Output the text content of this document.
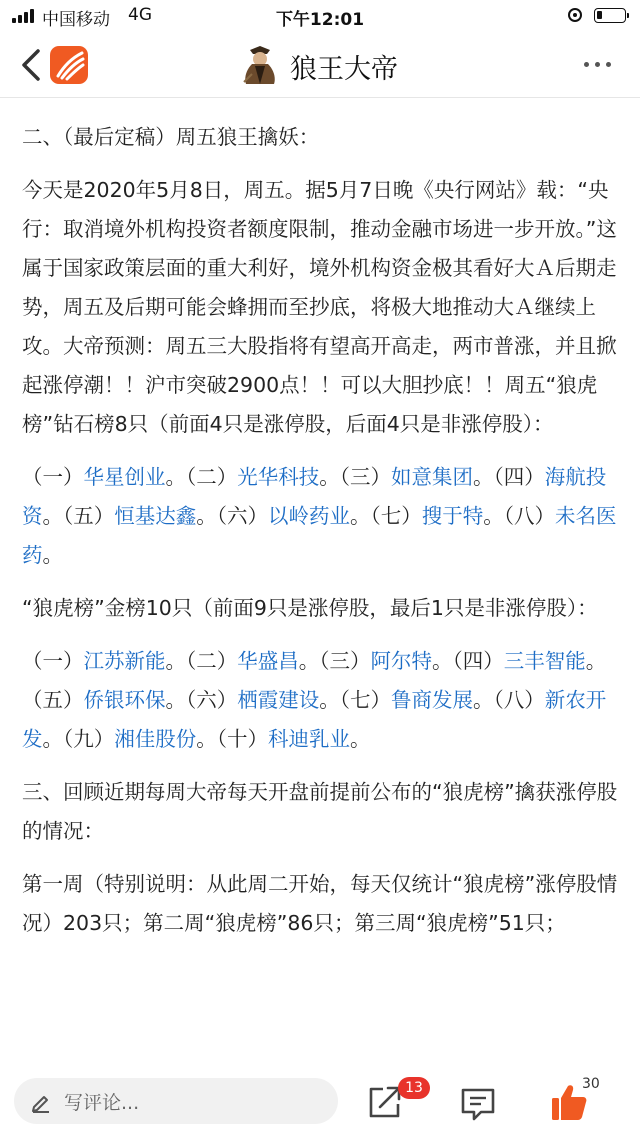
中国移动 4G	下午12:01
狼王大帝

二、（最后定稿）周五狼王擒妖：

今天是2020年5月8日，周五。据5月7日晚《央行网站》载：“央行：取消境外机构投资者额度限制，推动金融市场进一步开放。”这属于国家政策层面的重大利好，境外机构资金极其看好大Ａ后期走势，周五及后期可能会蜂拥而至抄底，将极大地推动大Ａ继续上攻。大帝预测：周五三大股指将有望高开高走，两市普涨，并且掀起涨停潮！！沪市突破2900点！！可以大胆抄底！！周五“狼虎榜”钻石榜8只（前面4只是涨停股，后面4只是非涨停股）：

（一）华星创业。（二）光华科技。（三）如意集团。（四）海航投资。（五）恒基达鑫。（六）以岭药业。（七）搜于特。（八）未名医药。

“狼虎榜”金榜10只（前面9只是涨停股，最后1只是非涨停股）：

（一）江苏新能。（二）华盛昌。（三）阿尔特。（四）三丰智能。（五）侨银环保。（六）栖霞建设。（七）鲁商发展。（八）新农开发。（九）湘佳股份。（十）科迪乳业。

三、回顾近期每周大帝每天开盘前提前公布的“狼虎榜”擒获涨停股的情况：

第一周（特别说明：从此周二开始，每天仅统计“狼虎榜”涨停股情况）203只；第二周“狼虎榜”86只；第三周“狼虎榜”51只；

写评论...
13	30
